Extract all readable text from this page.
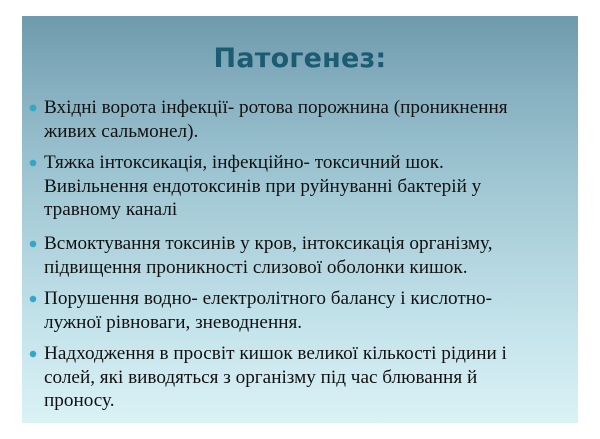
Патогенез:
Вхідні ворота інфекції- ротова порожнина (проникнення
живих сальмонел).
Тяжка інтоксикація, інфекційно- токсичний шок.
Вивільнення ендотоксинів при руйнуванні бактерій у
травному каналі
Всмоктування токсинів у кров, інтоксикація організму,
підвищення проникності слизової оболонки кишок.
Порушення водно- електролітного балансу і кислотно-
лужної рівноваги, зневоднення.
Надходження в просвіт кишок великої кількості рідини і
солей, які виводяться з організму під час блювання й
проносу.
